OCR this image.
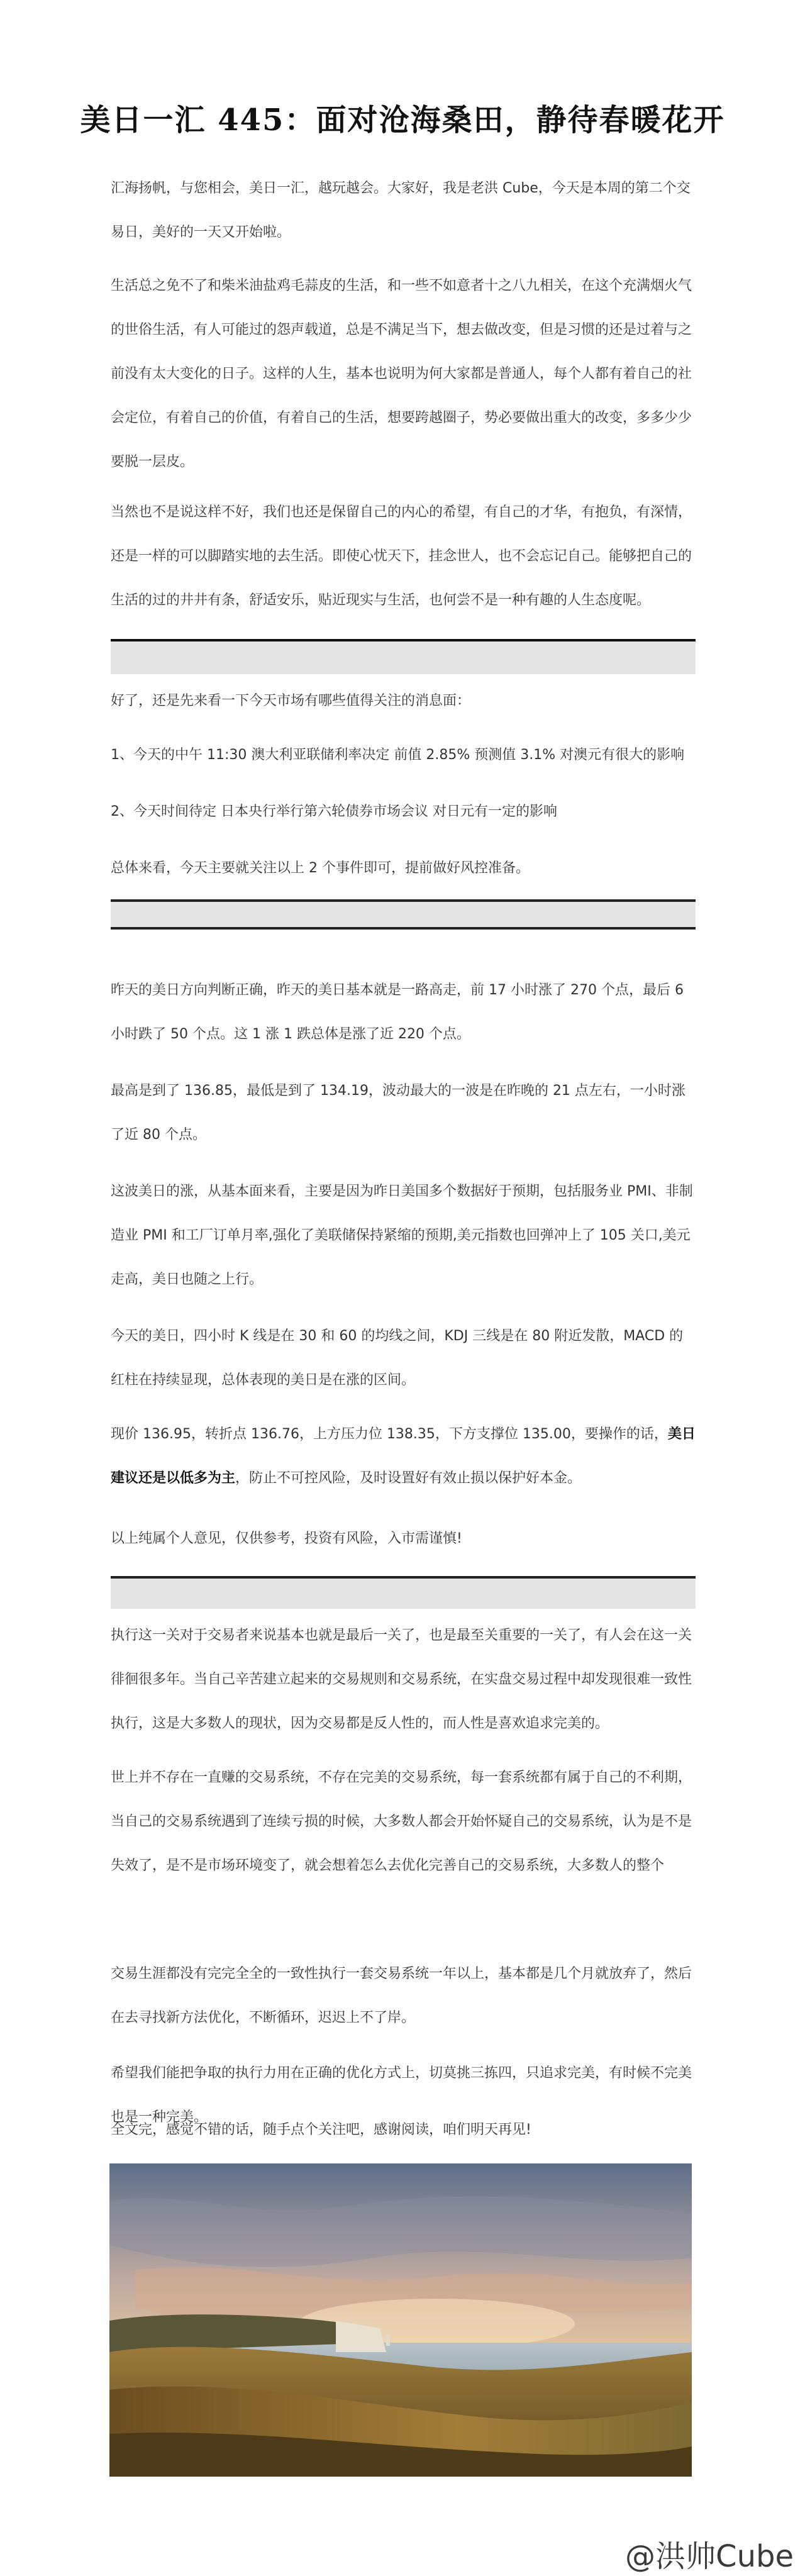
美日一汇 445：面对沧海桑田，静待春暖花开

汇海扬帆，与您相会，美日一汇，越玩越会。大家好，我是老洪 Cube，今天是本周的第二个交易日，美好的一天又开始啦。

生活总之免不了和柴米油盐鸡毛蒜皮的生活，和一些不如意者十之八九相关，在这个充满烟火气的世俗生活，有人可能过的怨声载道，总是不满足当下，想去做改变，但是习惯的还是过着与之前没有太大变化的日子。这样的人生，基本也说明为何大家都是普通人，每个人都有着自己的社会定位，有着自己的价值，有着自己的生活，想要跨越圈子，势必要做出重大的改变，多多少少要脱一层皮。

当然也不是说这样不好，我们也还是保留自己的内心的希望，有自己的才华，有抱负，有深情，还是一样的可以脚踏实地的去生活。即使心忧天下，挂念世人，也不会忘记自己。能够把自己的生活的过的井井有条，舒适安乐，贴近现实与生活，也何尝不是一种有趣的人生态度呢。

好了，还是先来看一下今天市场有哪些值得关注的消息面：

1、今天的中午 11:30 澳大利亚联储利率决定 前值 2.85% 预测值 3.1% 对澳元有很大的影响

2、今天时间待定 日本央行举行第六轮债券市场会议 对日元有一定的影响

总体来看，今天主要就关注以上 2 个事件即可，提前做好风控准备。

昨天的美日方向判断正确，昨天的美日基本就是一路高走，前 17 小时涨了 270 个点，最后 6 小时跌了 50 个点。这 1 涨 1 跌总体是涨了近 220 个点。

最高是到了 136.85，最低是到了 134.19，波动最大的一波是在昨晚的 21 点左右，一小时涨了近 80 个点。

这波美日的涨，从基本面来看，主要是因为昨日美国多个数据好于预期，包括服务业 PMI、非制造业 PMI 和工厂订单月率,强化了美联储保持紧缩的预期,美元指数也回弹冲上了 105 关口,美元走高，美日也随之上行。

今天的美日，四小时 K 线是在 30 和 60 的均线之间，KDJ 三线是在 80 附近发散，MACD 的红柱在持续显现，总体表现的美日是在涨的区间。

现价 136.95，转折点 136.76，上方压力位 138.35，下方支撑位 135.00，要操作的话，美日建议还是以低多为主，防止不可控风险，及时设置好有效止损以保护好本金。

以上纯属个人意见，仅供参考，投资有风险，入市需谨慎!

执行这一关对于交易者来说基本也就是最后一关了，也是最至关重要的一关了，有人会在这一关徘徊很多年。当自己辛苦建立起来的交易规则和交易系统，在实盘交易过程中却发现很难一致性执行，这是大多数人的现状，因为交易都是反人性的，而人性是喜欢追求完美的。

世上并不存在一直赚的交易系统，不存在完美的交易系统，每一套系统都有属于自己的不利期，当自己的交易系统遇到了连续亏损的时候，大多数人都会开始怀疑自己的交易系统，认为是不是失效了，是不是市场环境变了，就会想着怎么去优化完善自己的交易系统，大多数人的整个

交易生涯都没有完完全全的一致性执行一套交易系统一年以上，基本都是几个月就放弃了，然后在去寻找新方法优化，不断循环，迟迟上不了岸。

希望我们能把争取的执行力用在正确的优化方式上，切莫挑三拣四，只追求完美，有时候不完美也是一种完美。

全文完，感觉不错的话，随手点个关注吧，感谢阅读，咱们明天再见!

@洪帅Cube
